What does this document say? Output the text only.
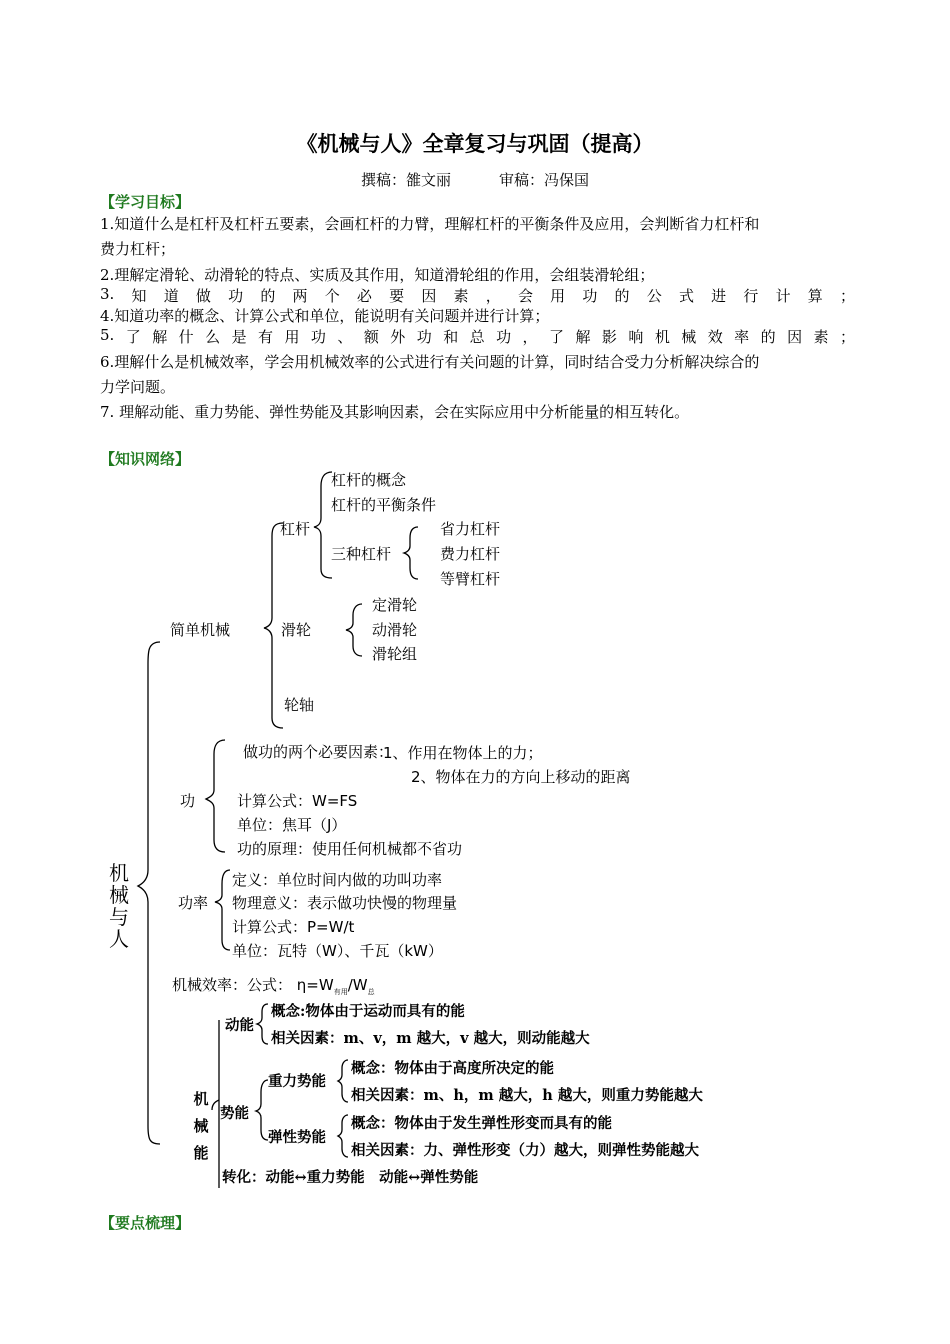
《机械与人》全章复习与巩固（提高）
撰稿：雒文丽	审稿：冯保国
【学习目标】
1.知道什么是杠杆及杠杆五要素，会画杠杆的力臂，理解杠杆的平衡条件及应用，会判断省力杠杆和
费力杠杆；
2.理解定滑轮、动滑轮的特点、实质及其作用，知道滑轮组的作用，会组装滑轮组；
3. 知 道 做 功 的 两 个 必 要 因 素 ， 会 用 功 的 公 式 进 行 计 算 ；
4.知道功率的概念、计算公式和单位，能说明有关问题并进行计算；
5. 了 解 什 么 是 有 用 功 、 额 外 功 和 总 功 ， 了 解 影 响 机 械 效 率 的 因 素 ；
6.理解什么是机械效率，学会用机械效率的公式进行有关问题的计算，同时结合受力分析解决综合的
力学问题。
7. 理解动能、重力势能、弹性势能及其影响因素，会在实际应用中分析能量的相互转化。
【知识网络】
机械与人
简单机械
杠杆
杠杆的概念
杠杆的平衡条件
三种杠杆
省力杠杆
费力杠杆
等臂杠杆
滑轮
定滑轮
动滑轮
滑轮组
轮轴
功
做功的两个必要因素：
1、作用在物体上的力；
2、物体在力的方向上移动的距离
计算公式：W=FS
单位：焦耳（J）
功的原理：使用任何机械都不省功
功率
定义：单位时间内做的功叫功率
物理意义：表示做功快慢的物理量
计算公式：P=W/t
单位：瓦特（W）、千瓦（kW）
机械效率：公式： $\eta=W_{有用}/W_总$
机械能
动能
概念:物体由于运动而具有的能
相关因素：m、v，m 越大，v 越大，则动能越大
势能
重力势能
概念：物体由于高度所决定的能
相关因素：m、h，m 越大，h 越大，则重力势能越大
弹性势能
概念：物体由于发生弹性形变而具有的能
相关因素：力、弹性形变（力）越大，则弹性势能越大
转化：动能↔重力势能　动能↔弹性势能
【要点梳理】
